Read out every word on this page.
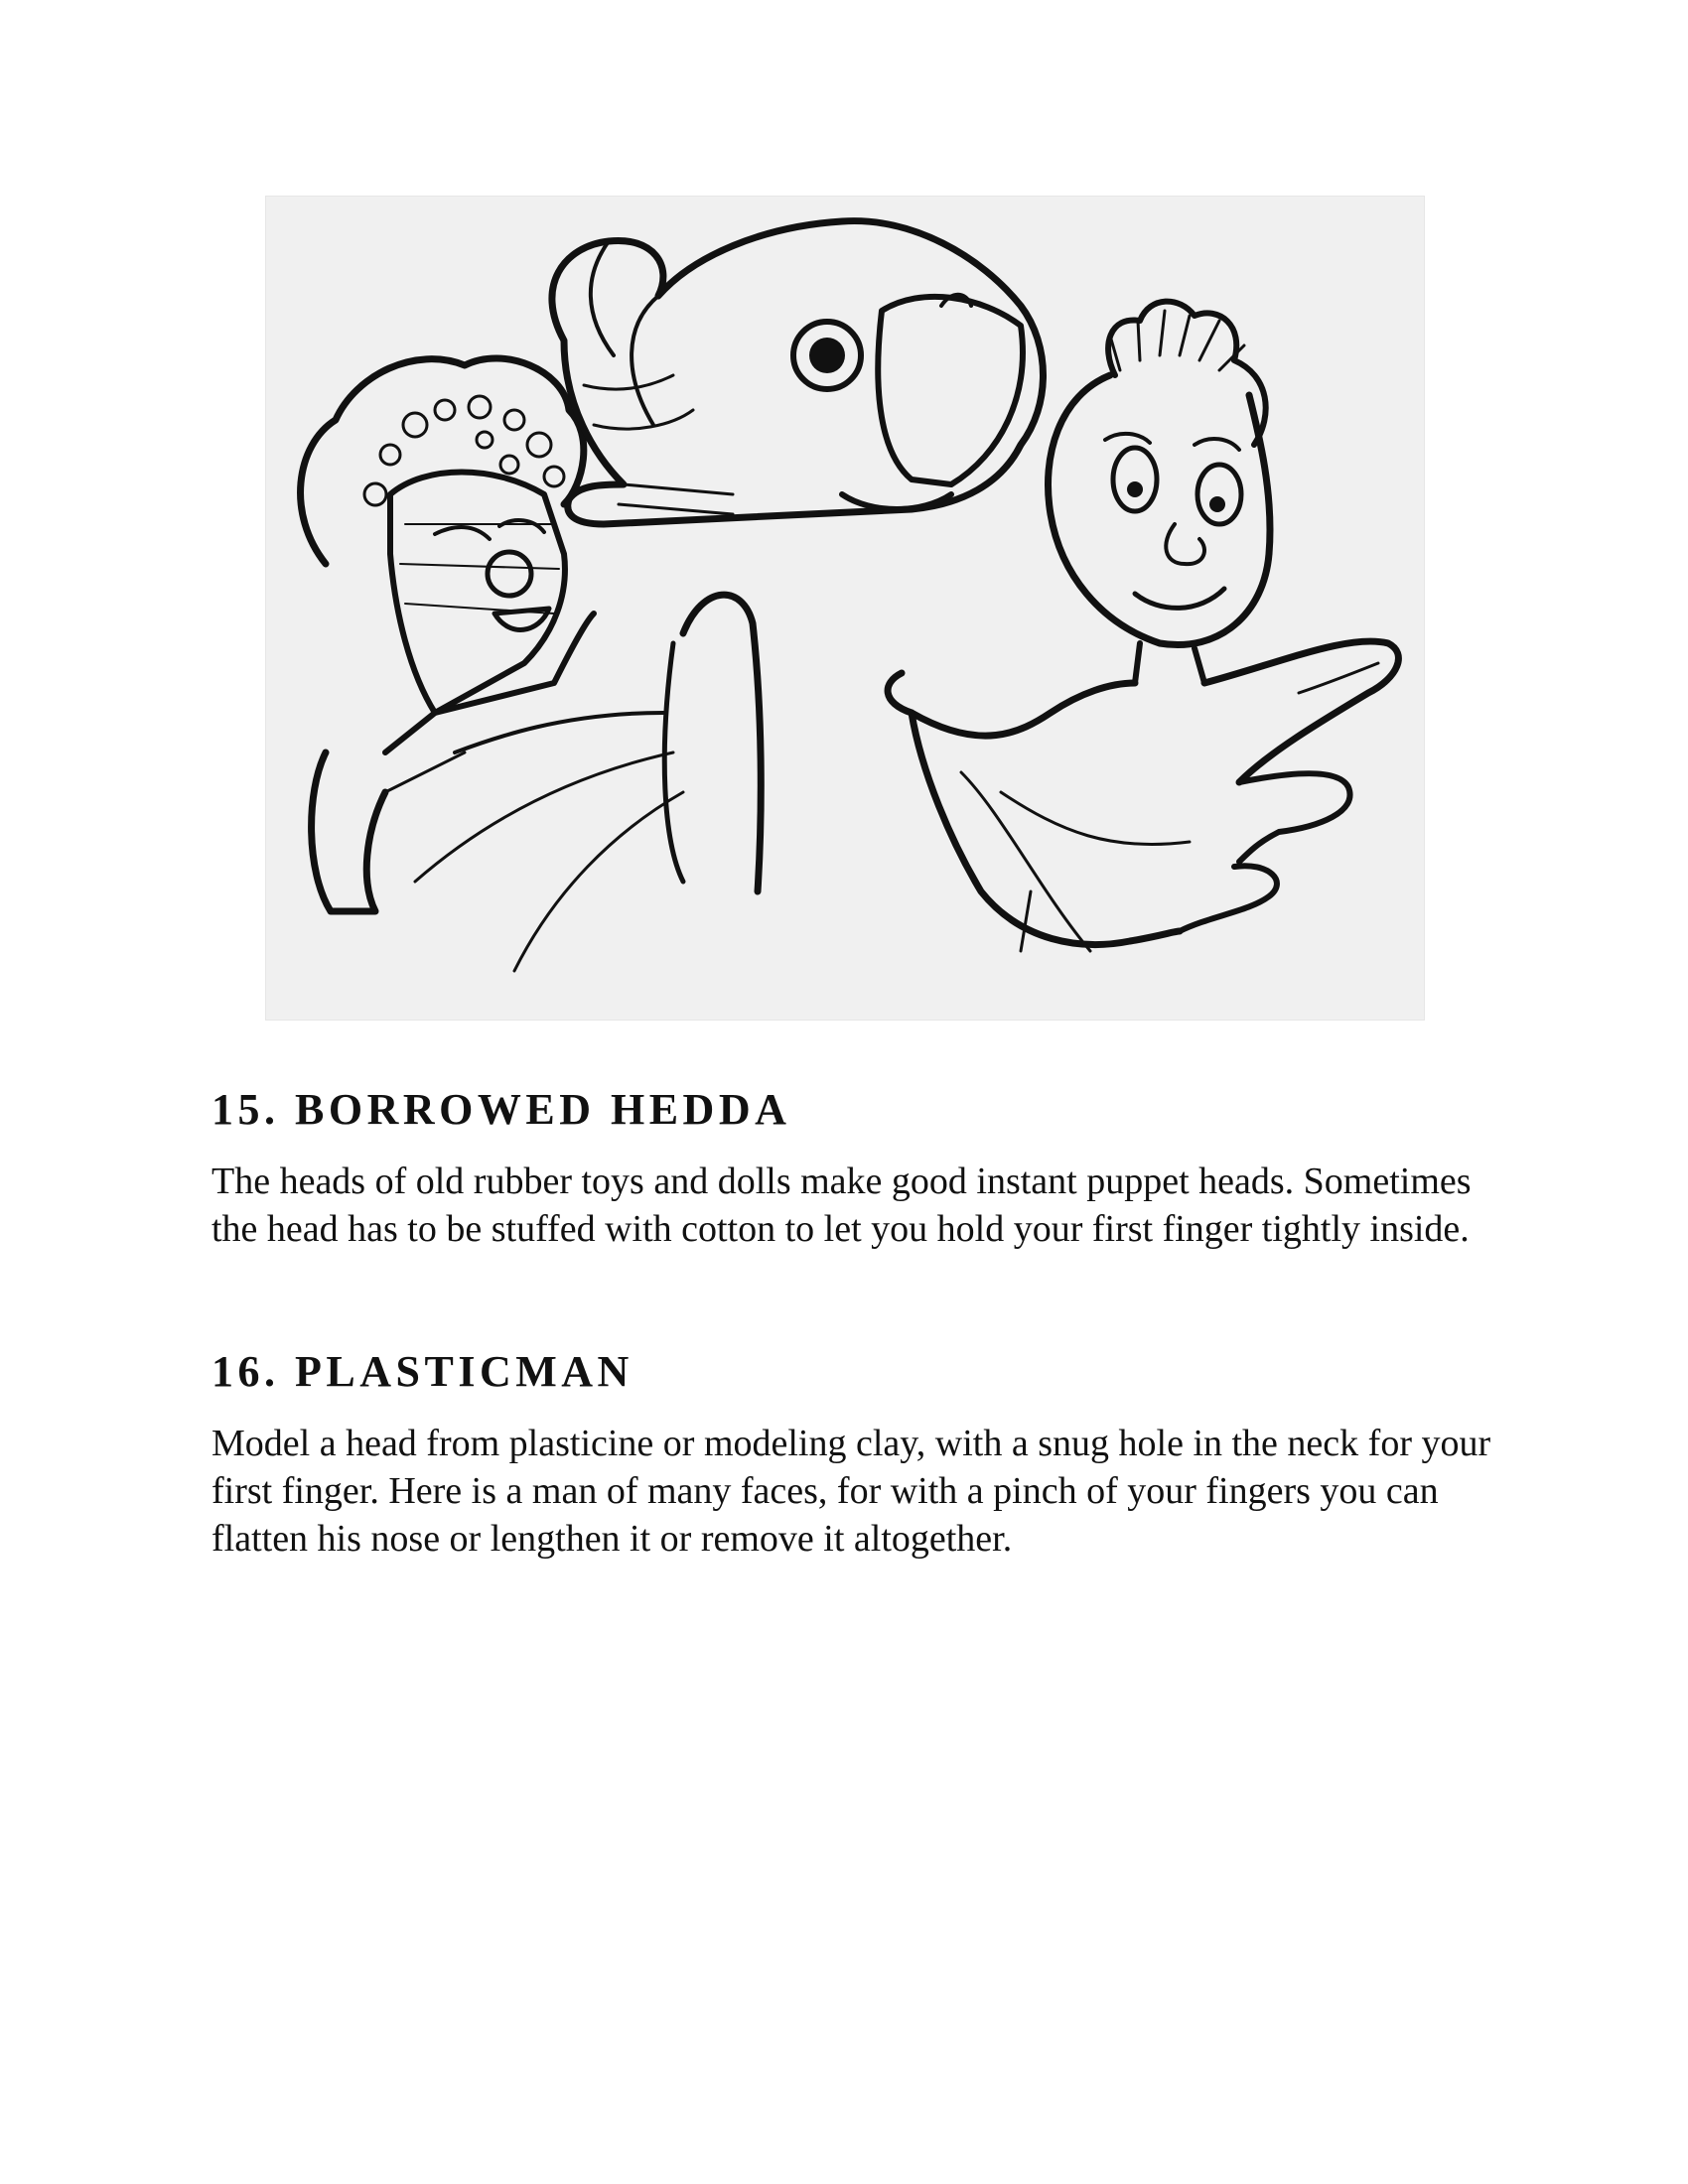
15. BORROWED HEDDA

The heads of old rubber toys and dolls make good instant puppet heads. Sometimes the head has to be stuffed with cotton to let you hold your first finger tightly inside.

16. PLASTICMAN

Model a head from plasticine or modeling clay, with a snug hole in the neck for your first finger. Here is a man of many faces, for with a pinch of your fingers you can flatten his nose or lengthen it or remove it altogether.
